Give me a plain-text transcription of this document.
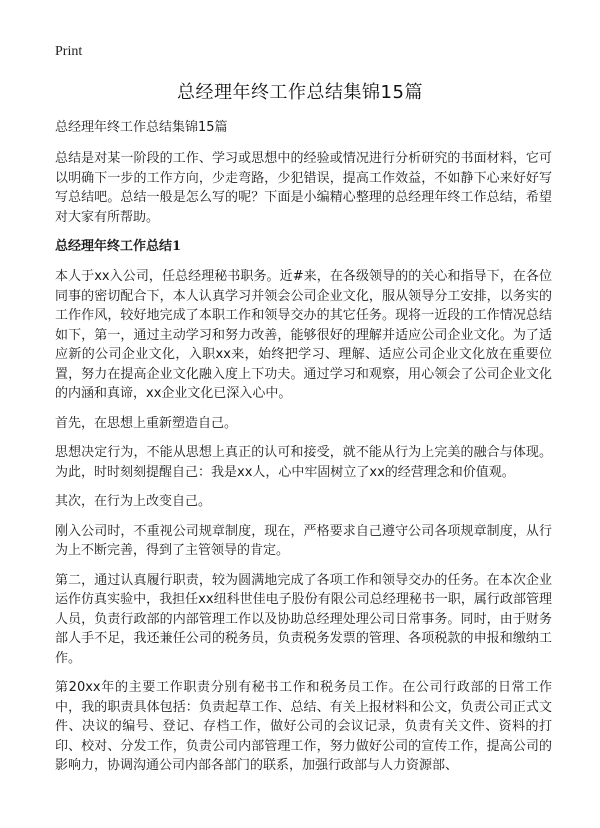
Print
总经理年终工作总结集锦15篇

总经理年终工作总结集锦15篇

总结是对某一阶段的工作、学习或思想中的经验或情况进行分析研究的书面材料，它可以明确下一步的工作方向，少走弯路，少犯错误，提高工作效益，不如静下心来好好写写总结吧。总结一般是怎么写的呢？下面是小编精心整理的总经理年终工作总结，希望对大家有所帮助。

总经理年终工作总结1

本人于xx入公司，任总经理秘书职务。近#来，在各级领导的的关心和指导下，在各位同事的密切配合下，本人认真学习并领会公司企业文化，服从领导分工安排，以务实的工作作风，较好地完成了本职工作和领导交办的其它任务。现将一近段的工作情况总结如下，第一，通过主动学习和努力改善，能够很好的理解并适应公司企业文化。为了适应新的公司企业文化，入职xx来，始终把学习、理解、适应公司企业文化放在重要位置，努力在提高企业文化融入度上下功夫。通过学习和观察，用心领会了公司企业文化的内涵和真谛，xx企业文化已深入心中。

首先，在思想上重新塑造自己。

思想决定行为，不能从思想上真正的认可和接受，就不能从行为上完美的融合与体现。为此，时时刻刻提醒自己：我是xx人，心中牢固树立了xx的经营理念和价值观。

其次，在行为上改变自己。

刚入公司时，不重视公司规章制度，现在，严格要求自己遵守公司各项规章制度，从行为上不断完善，得到了主管领导的肯定。

第二，通过认真履行职责，较为圆满地完成了各项工作和领导交办的任务。在本次企业运作仿真实验中，我担任xx纽科世佳电子股份有限公司总经理秘书一职，属行政部管理人员，负责行政部的内部管理工作以及协助总经理处理公司日常事务。同时，由于财务部人手不足，我还兼任公司的税务员，负责税务发票的管理、各项税款的申报和缴纳工作。

第20xx年的主要工作职责分别有秘书工作和税务员工作。在公司行政部的日常工作中，我的职责具体包括：负责起草工作、总结、有关上报材料和公文，负责公司正式文件、决议的编号、登记、存档工作，做好公司的会议记录，负责有关文件、资料的打印、校对、分发工作，负责公司内部管理工作，努力做好公司的宣传工作，提高公司的影响力，协调沟通公司内部各部门的联系，加强行政部与人力资源部、
